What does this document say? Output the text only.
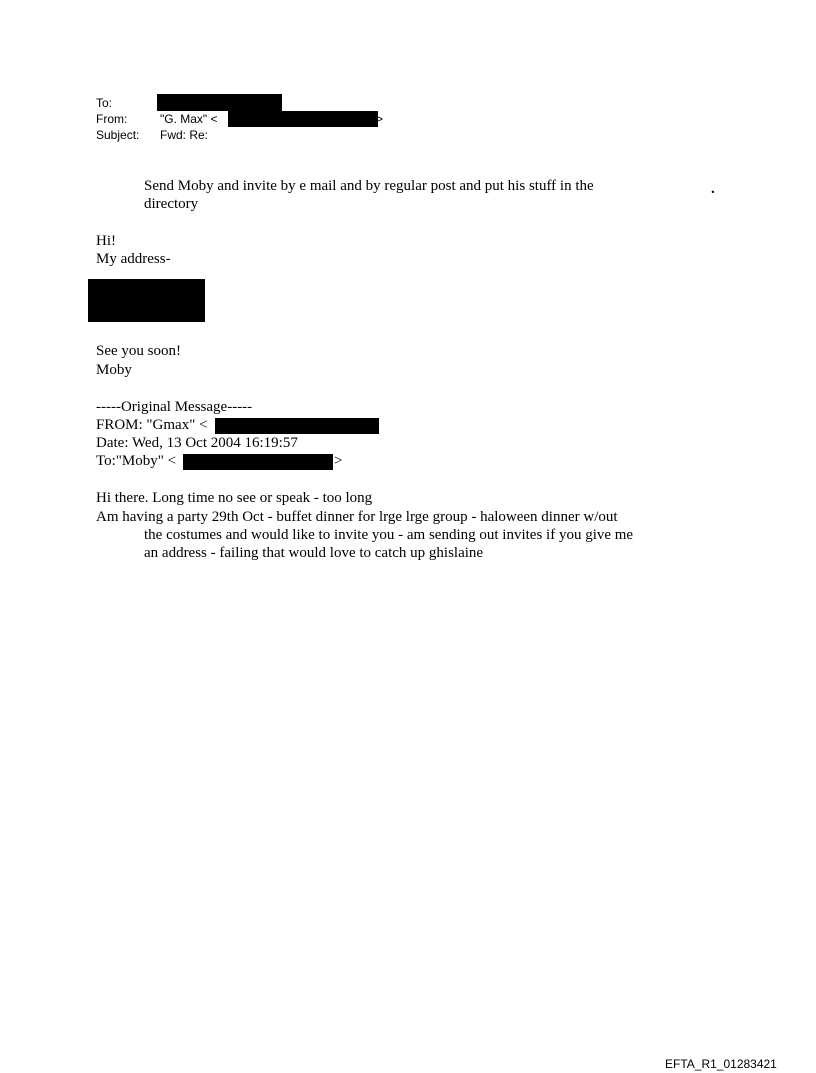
To:
From:	"G. Max" <	>
Subject: Fwd: Re:
Send Moby and invite by e mail and by regular post and put his stuff in the
directory
.
Hi!
My address-
See you soon!
Moby
-----Original Message-----
FROM: "Gmax" <
Date: Wed, 13 Oct 2004 16:19:57
To:"Moby" <	>
Hi there. Long time no see or speak - too long
Am having a party 29th Oct - buffet dinner for lrge lrge group - haloween dinner w/out
the costumes and would like to invite you - am sending out invites if you give me
an address - failing that would love to catch up ghislaine
EFTA_R1_01283421
